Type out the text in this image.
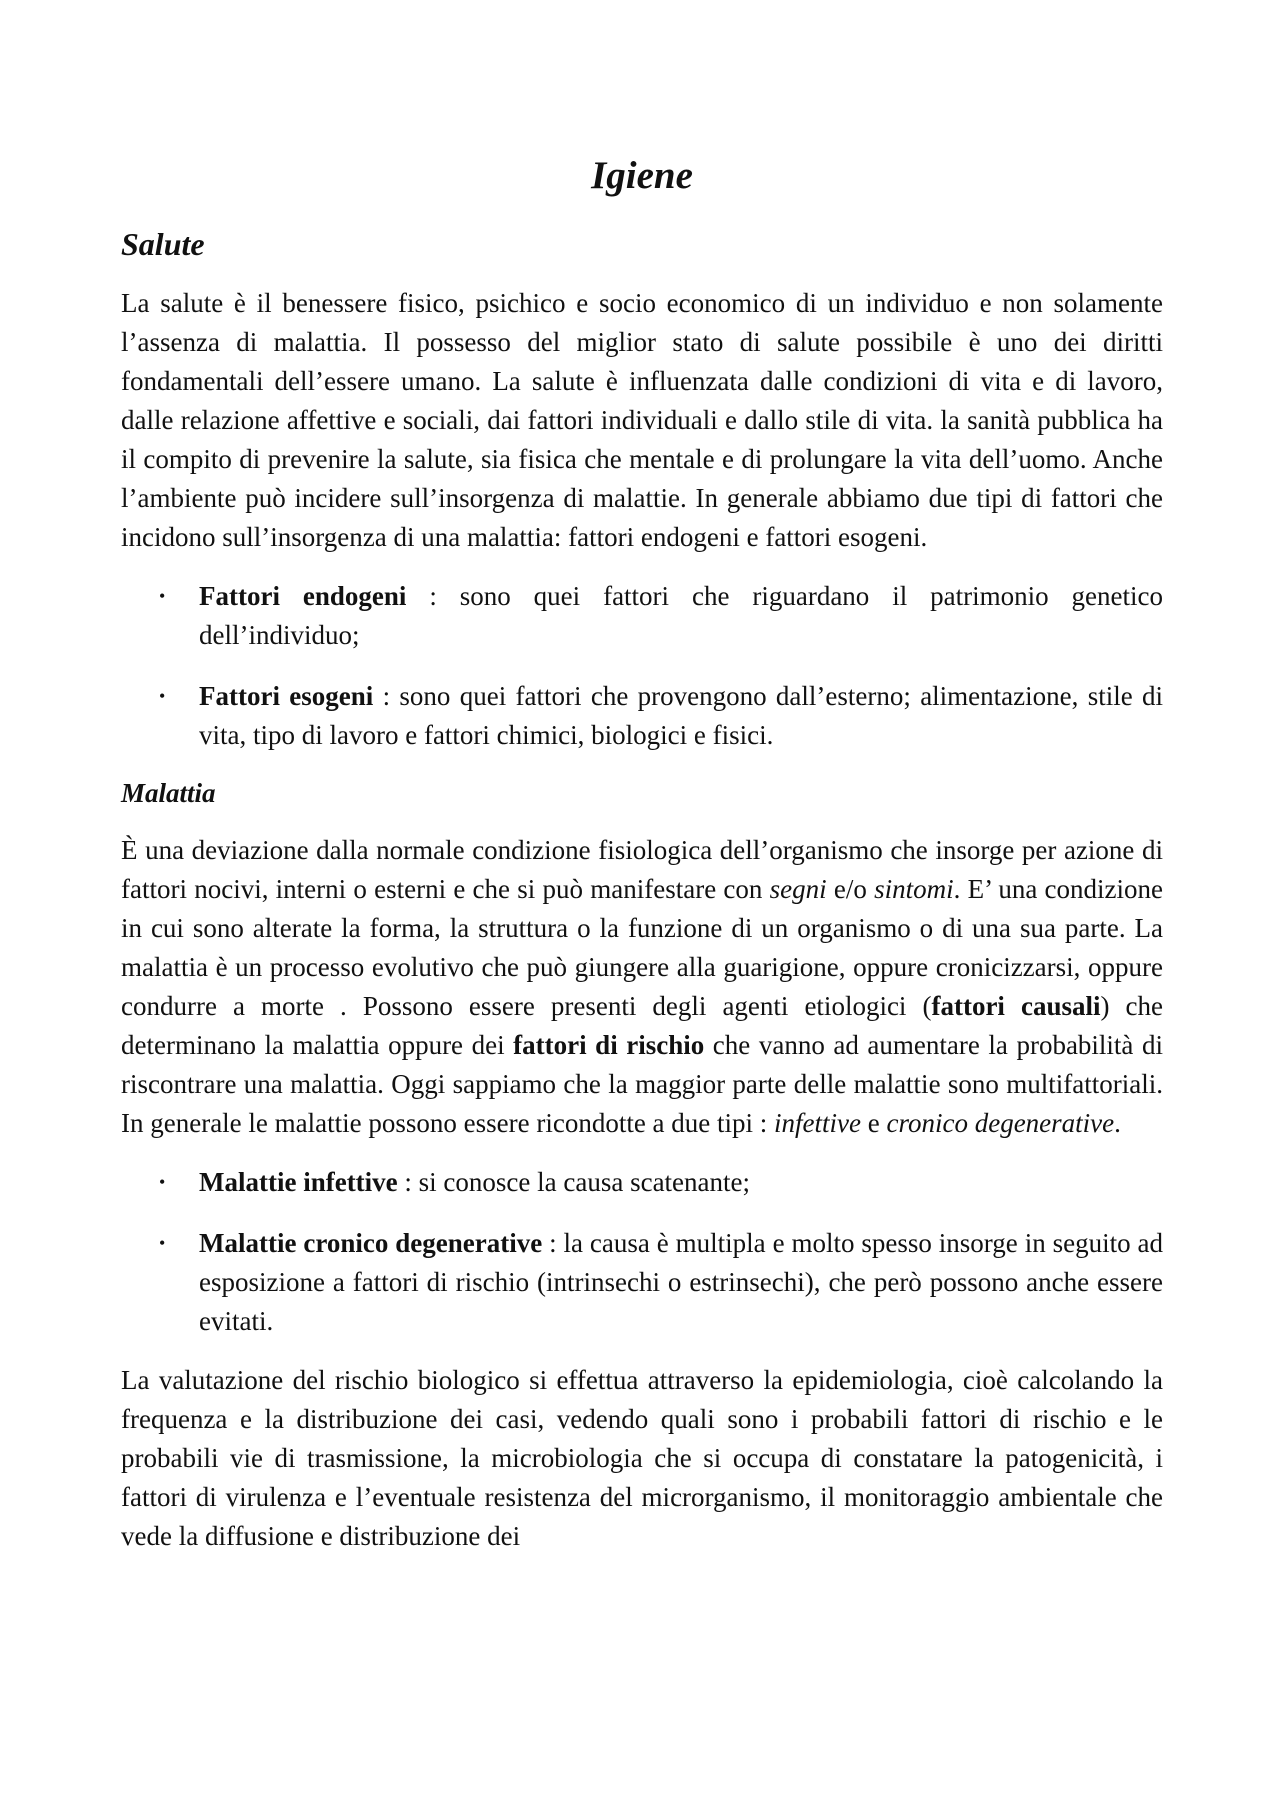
Igiene
Salute

La salute è il benessere fisico, psichico e socio economico di un individuo e non solamente l’assenza di malattia. Il possesso del miglior stato di salute possibile è uno dei diritti fondamentali dell’essere umano. La salute è influenzata dalle condizioni di vita e di lavoro, dalle relazione affettive e sociali, dai fattori individuali e dallo stile di vita. la sanità pubblica ha il compito di prevenire la salute, sia fisica che mentale e di prolungare la vita dell’uomo. Anche l’ambiente può incidere sull’insorgenza di malattie. In generale abbiamo due tipi di fattori che incidono sull’insorgenza di una malattia: fattori endogeni e fattori esogeni.

• Fattori endogeni : sono quei fattori che riguardano il patrimonio genetico dell’individuo;
• Fattori esogeni : sono quei fattori che provengono dall’esterno; alimentazione, stile di vita, tipo di lavoro e fattori chimici, biologici e fisici.
Malattia

È una deviazione dalla normale condizione fisiologica dell’organismo che insorge per azione di fattori nocivi, interni o esterni e che si può manifestare con segni e/o sintomi. E’ una condizione in cui sono alterate la forma, la struttura o la funzione di un organismo o di una sua parte. La malattia è un processo evolutivo che può giungere alla guarigione, oppure cronicizzarsi, oppure condurre a morte . Possono essere presenti degli agenti etiologici (fattori causali) che determinano la malattia oppure dei fattori di rischio che vanno ad aumentare la probabilità di riscontrare una malattia. Oggi sappiamo che la maggior parte delle malattie sono multifattoriali. In generale le malattie possono essere ricondotte a due tipi : infettive e cronico degenerative.

• Malattie infettive : si conosce la causa scatenante;
• Malattie cronico degenerative : la causa è multipla e molto spesso insorge in seguito ad esposizione a fattori di rischio (intrinsechi o estrinsechi), che però possono anche essere evitati.

La valutazione del rischio biologico si effettua attraverso la epidemiologia, cioè calcolando la frequenza e la distribuzione dei casi, vedendo quali sono i probabili fattori di rischio e le probabili vie di trasmissione, la microbiologia che si occupa di constatare la patogenicità, i fattori di virulenza e l’eventuale resistenza del microrganismo, il monitoraggio ambientale che vede la diffusione e distribuzione dei
